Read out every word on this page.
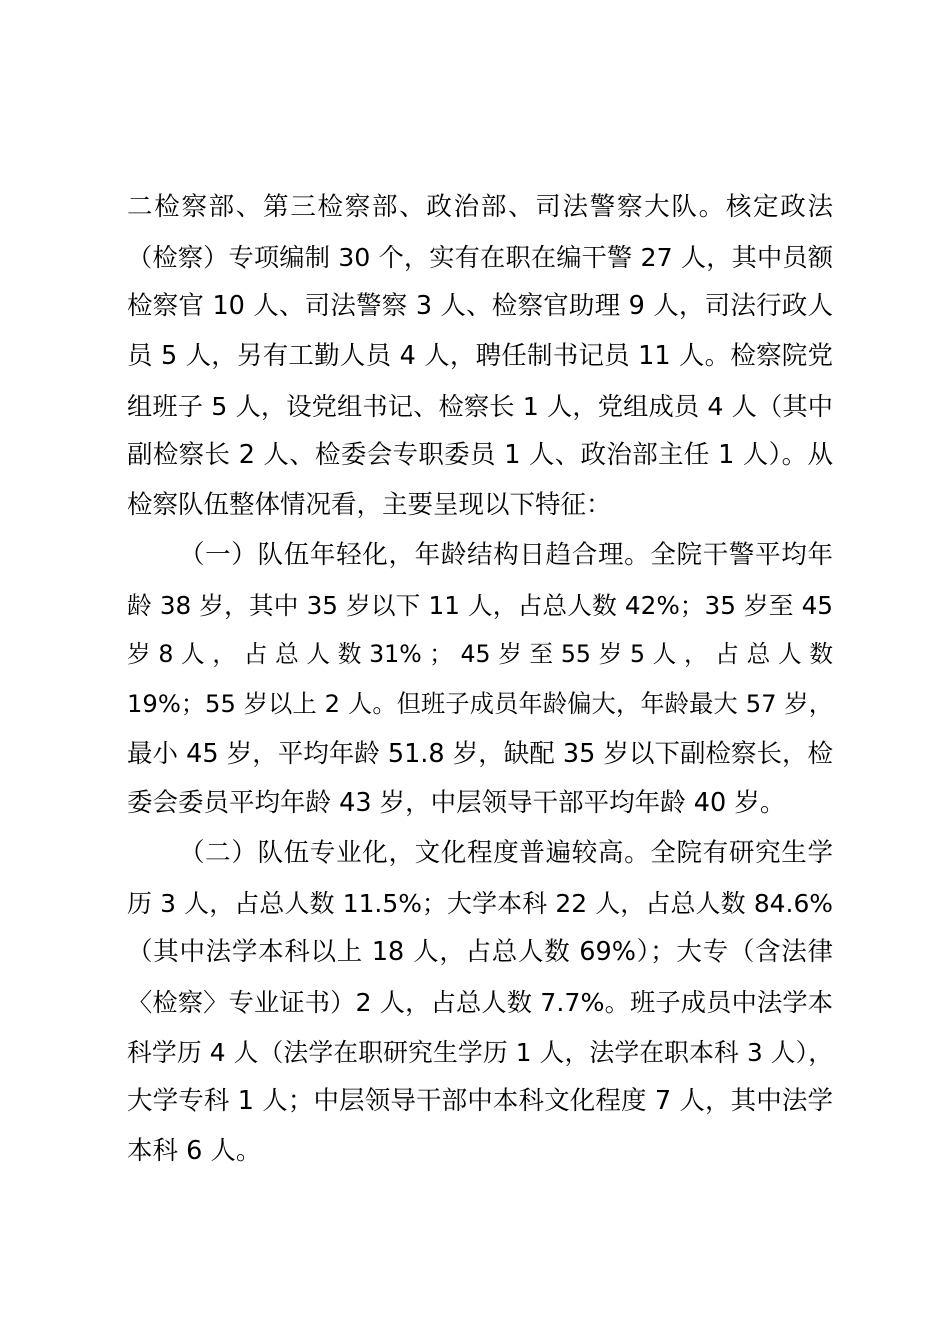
二检察部、第三检察部、政治部、司法警察大队。核定政法
（检察）专项编制 30 个，实有在职在编干警 27 人，其中员额
检察官 10 人、司法警察 3 人、检察官助理 9 人，司法行政人
员 5 人，另有工勤人员 4 人，聘任制书记员 11 人。检察院党
组班子 5 人，设党组书记、检察长 1 人，党组成员 4 人（其中
副检察长 2 人、检委会专职委员 1 人、政治部主任 1 人）。从
检察队伍整体情况看，主要呈现以下特征：
（一）队伍年轻化，年龄结构日趋合理。全院干警平均年
龄 38 岁，其中 35 岁以下 11 人，占总人数 42%；35 岁至 45
岁 8 人 ， 占 总 人 数 31% ； 45 岁 至 55 岁 5 人 ， 占 总 人 数
19%；55 岁以上 2 人。但班子成员年龄偏大，年龄最大 57 岁，
最小 45 岁，平均年龄 51.8 岁，缺配 35 岁以下副检察长，检
委会委员平均年龄 43 岁，中层领导干部平均年龄 40 岁。
（二）队伍专业化，文化程度普遍较高。全院有研究生学
历 3 人，占总人数 11.5%；大学本科 22 人，占总人数 84.6%
（其中法学本科以上 18 人，占总人数 69%）；大专（含法律
〈检察〉专业证书）2 人，占总人数 7.7%。班子成员中法学本
科学历 4 人（法学在职研究生学历 1 人，法学在职本科 3 人），
大学专科 1 人；中层领导干部中本科文化程度 7 人，其中法学
本科 6 人。
